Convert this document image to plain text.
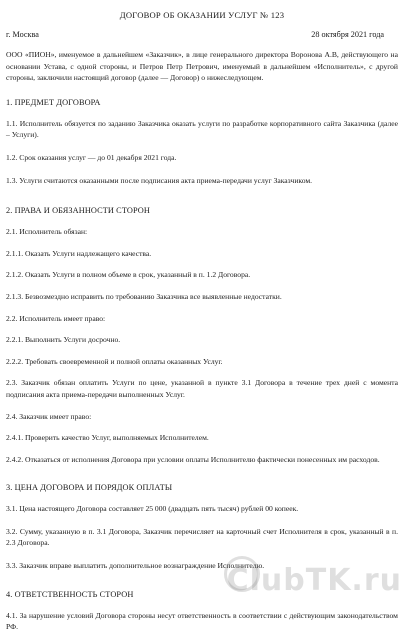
ДОГОВОР ОБ ОКАЗАНИИ УСЛУГ № 123
г. Москва	28 октября 2021 года
ООО «ПИОН», именуемое в дальнейшем «Заказчик», в лице генерального директора Воронова А.В, действующего на основании Устава, с одной стороны, и Петров Петр Петрович, именуемый в дальнейшем «Исполнитель», с другой стороны, заключили настоящий договор (далее — Договор) о нижеследующем.
1. ПРЕДМЕТ ДОГОВОРА
1.1. Исполнитель обязуется по заданию Заказчика оказать услуги по разработке корпоративного сайта Заказчика (далее – Услуги).
1.2. Срок оказания услуг — до 01 декабря 2021 года.
1.3. Услуги считаются оказанными после подписания акта приема-передачи услуг Заказчиком.
2. ПРАВА И ОБЯЗАННОСТИ СТОРОН
2.1. Исполнитель обязан:
2.1.1. Оказать Услуги надлежащего качества.
2.1.2. Оказать Услуги в полном объеме в срок, указанный в п. 1.2 Договора.
2.1.3. Безвозмездно исправить по требованию Заказчика все выявленные недостатки.
2.2. Исполнитель имеет право:
2.2.1. Выполнить Услуги досрочно.
2.2.2. Требовать своевременной и полной оплаты оказанных Услуг.
2.3. Заказчик обязан оплатить Услуги по цене, указанной в пункте 3.1 Договора в течение трех дней с момента подписания акта приема-передачи выполненных Услуг.
2.4. Заказчик имеет право:
2.4.1. Проверить качество Услуг, выполняемых Исполнителем.
2.4.2. Отказаться от исполнения Договора при условии оплаты Исполнителю фактически понесенных им расходов.
3. ЦЕНА ДОГОВОРА И ПОРЯДОК ОПЛАТЫ
3.1. Цена настоящего Договора составляет 25 000 (двадцать пять тысяч) рублей 00 копеек.
3.2. Сумму, указанную в п. 3.1 Договора, Заказчик перечисляет на карточный счет Исполнителя в срок, указанный в п. 2.3 Договора.
3.3. Заказчик вправе выплатить дополнительное вознаграждение Исполнителю.
4. ОТВЕТСТВЕННОСТЬ СТОРОН
4.1. За нарушение условий Договора стороны несут ответственность в соответствии с действующим законодательством РФ.
ClubTK.ru
